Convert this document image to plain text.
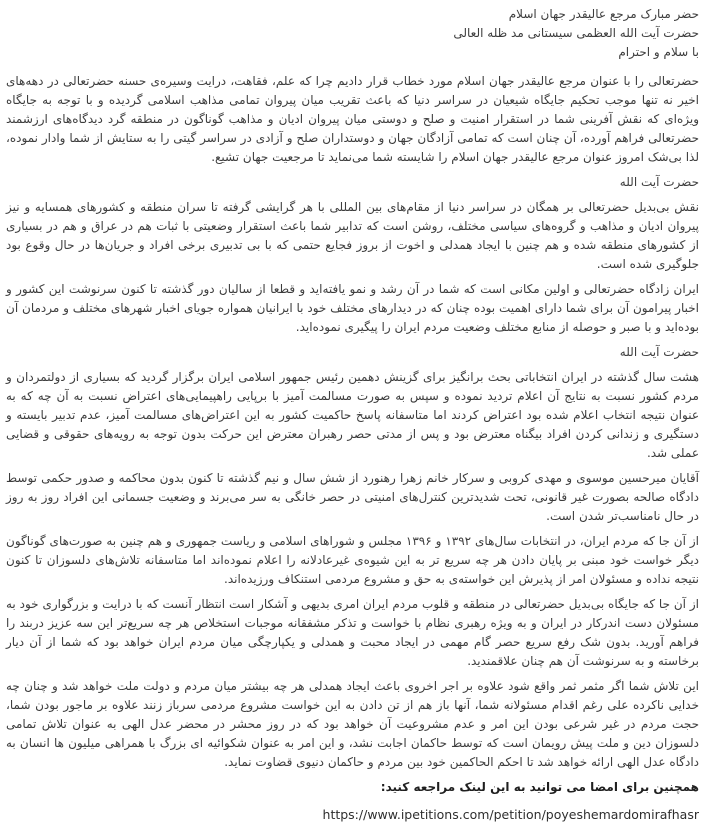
حضر مبارک مرجع عالیقدر جهان اسلام
حضرت آیت الله العظمی سیستانی مد ظله العالی
با سلام و احترام
حضرتعالی را با عنوان مرجع عالیقدر جهان اسلام مورد خطاب قرار دادیم چرا که علم، فقاهت، درایت وسیره‌ی حسنه حضرتعالی در دهه‌های اخیر نه تنها موجب تحکیم جایگاه شیعیان در سراسر دنیا که باعث تقریب میان پیروان تمامی مذاهب اسلامی گردیده و با توجه به جایگاه ویژه‌ای که نقش آفرینی شما در استقرار امنیت و صلح و دوستی میان پیروان ادیان و مذاهب گوناگون در منطقه گرد دیدگاه‌های ارزشمند حضرتعالی فراهم آورده، آن چنان است که تمامی آزادگان جهان و دوستداران صلح و آزادی در سراسر گیتی را به ستایش از شما وادار نموده، لذا بی‌شک امروز عنوان مرجع عالیقدر جهان اسلام را شایسته شما می‌نماید تا مرجعیت جهان تشیع.
حضرت آیت الله
نقش بی‌بدیل حضرتعالی بر همگان در سراسر دنیا از مقام‌های بین المللی با هر گرایشی گرفته تا سران منطقه و کشورهای همسایه و نیز پیروان ادیان و مذاهب و گروه‌های سیاسی مختلف، روشن است که تدابیر شما باعث استقرار وضعیتی با ثبات هم در عراق و هم در بسیاری از کشورهای منطقه شده و هم چنین با ایجاد همدلی و اخوت از بروز فجایع حتمی که با بی تدبیری برخی افراد و جریان‌ها در حال وقوع بود جلوگیری شده است.
ایران زادگاه حضرتعالی و اولین مکانی است که شما در آن رشد و نمو یافته‌اید و قطعا از سالیان دور گذشته تا کنون سرنوشت این کشور و اخبار پیرامون آن برای شما دارای اهمیت بوده چنان که در دیدارهای مختلف خود با ایرانیان همواره جویای اخبار شهرهای مختلف و مردمان آن بوده‌اید و با صبر و حوصله از منابع مختلف وضعیت مردم ایران را پیگیری نموده‌اید.
حضرت آیت الله
هشت سال گذشته در ایران انتخاباتی بحث برانگیز برای گزینش دهمین رئیس جمهور اسلامی ایران برگزار گردید که بسیاری از دولتمردان و مردم کشور نسبت به نتایج آن اعلام تردید نموده و سپس به صورت مسالمت آمیز با برپایی راهپیمایی‌های اعتراض نسبت به آن چه که به عنوان نتیجه انتخاب اعلام شده بود اعتراض کردند اما متاسفانه پاسخ حاکمیت کشور به این اعتراض‌های مسالمت آمیز، عدم تدبیر بایسته و دستگیری و زندانی کردن افراد بیگناه معترض بود و پس از مدتی حصر رهبران معترض این حرکت بدون توجه به رویه‌های حقوقی و قضایی عملی شد.
آقایان میرحسین موسوی و مهدی کروبی و سرکار خانم زهرا رهنورد از شش سال و نیم گذشته تا کنون بدون محاکمه و صدور حکمی توسط دادگاه صالحه بصورت غیر قانونی، تحت شدیدترین کنترل‌های امنیتی در حصر خانگی به سر می‌برند و وضعیت جسمانی این افراد روز به روز در حال نامناسب‌تر شدن است.
از آن جا که مردم ایران، در انتخابات سال‌های ۱۳۹۲ و ۱۳۹۶ مجلس و شوراهای اسلامی و ریاست جمهوری و هم چنین به صورت‌های گوناگون دیگر خواست خود مبنی بر پایان دادن هر چه سریع تر به این شیوه‌ی غیرعادلانه را اعلام نموده‌اند اما متاسفانه تلاش‌های دلسوزان تا کنون نتیجه نداده و مسئولان امر از پذیرش این خواسته‌ی به حق و مشروع مردمی استنکاف ورزیده‌اند.
از آن جا که جایگاه بی‌بدیل حضرتعالی در منطقه و قلوب مردم ایران امری بدیهی و آشکار است انتظار آنست که با درایت و بزرگواری خود به مسئولان دست اندرکار در ایران و به ویژه رهبری نظام با خواست و تذکر مشفقانه موجبات استخلاص هر چه سریع‌تر این سه عزیز دربند را فراهم آورید. بدون شک رفع سریع حصر گام مهمی در ایجاد محبت و همدلی و یکپارچگی میان مردم ایران خواهد بود که شما از آن دیار برخاسته و به سرنوشت آن هم چنان علاقمندید.
این تلاش شما اگر مثمر ثمر واقع شود علاوه بر اجر اخروی باعث ایجاد همدلی هر چه بیشتر میان مردم و دولت ملت خواهد شد و چنان چه خدایی ناکرده علی رغم اقدام مسئولانه شما، آنها باز هم از تن دادن به این خواست مشروع مردمی سرباز زنند علاوه بر ماجور بودن شما، حجت مردم در غیر شرعی بودن این امر و عدم مشروعیت آن خواهد بود که در روز محشر در محضر عدل الهی به عنوان تلاش تمامی دلسوزان دین و ملت پیش رویمان است که توسط حاکمان اجابت نشد، و این امر به عنوان شکوائیه ای بزرگ با همراهی میلیون ها انسان به دادگاه عدل الهی ارائه خواهد شد تا احکم الحاکمین خود بین مردم و حاکمان دنیوی قضاوت نماید.
همچنین برای امضا می توانید به این لینک مراجعه کنید:
https://www.ipetitions.com/petition/poyeshemardomirafhasr
